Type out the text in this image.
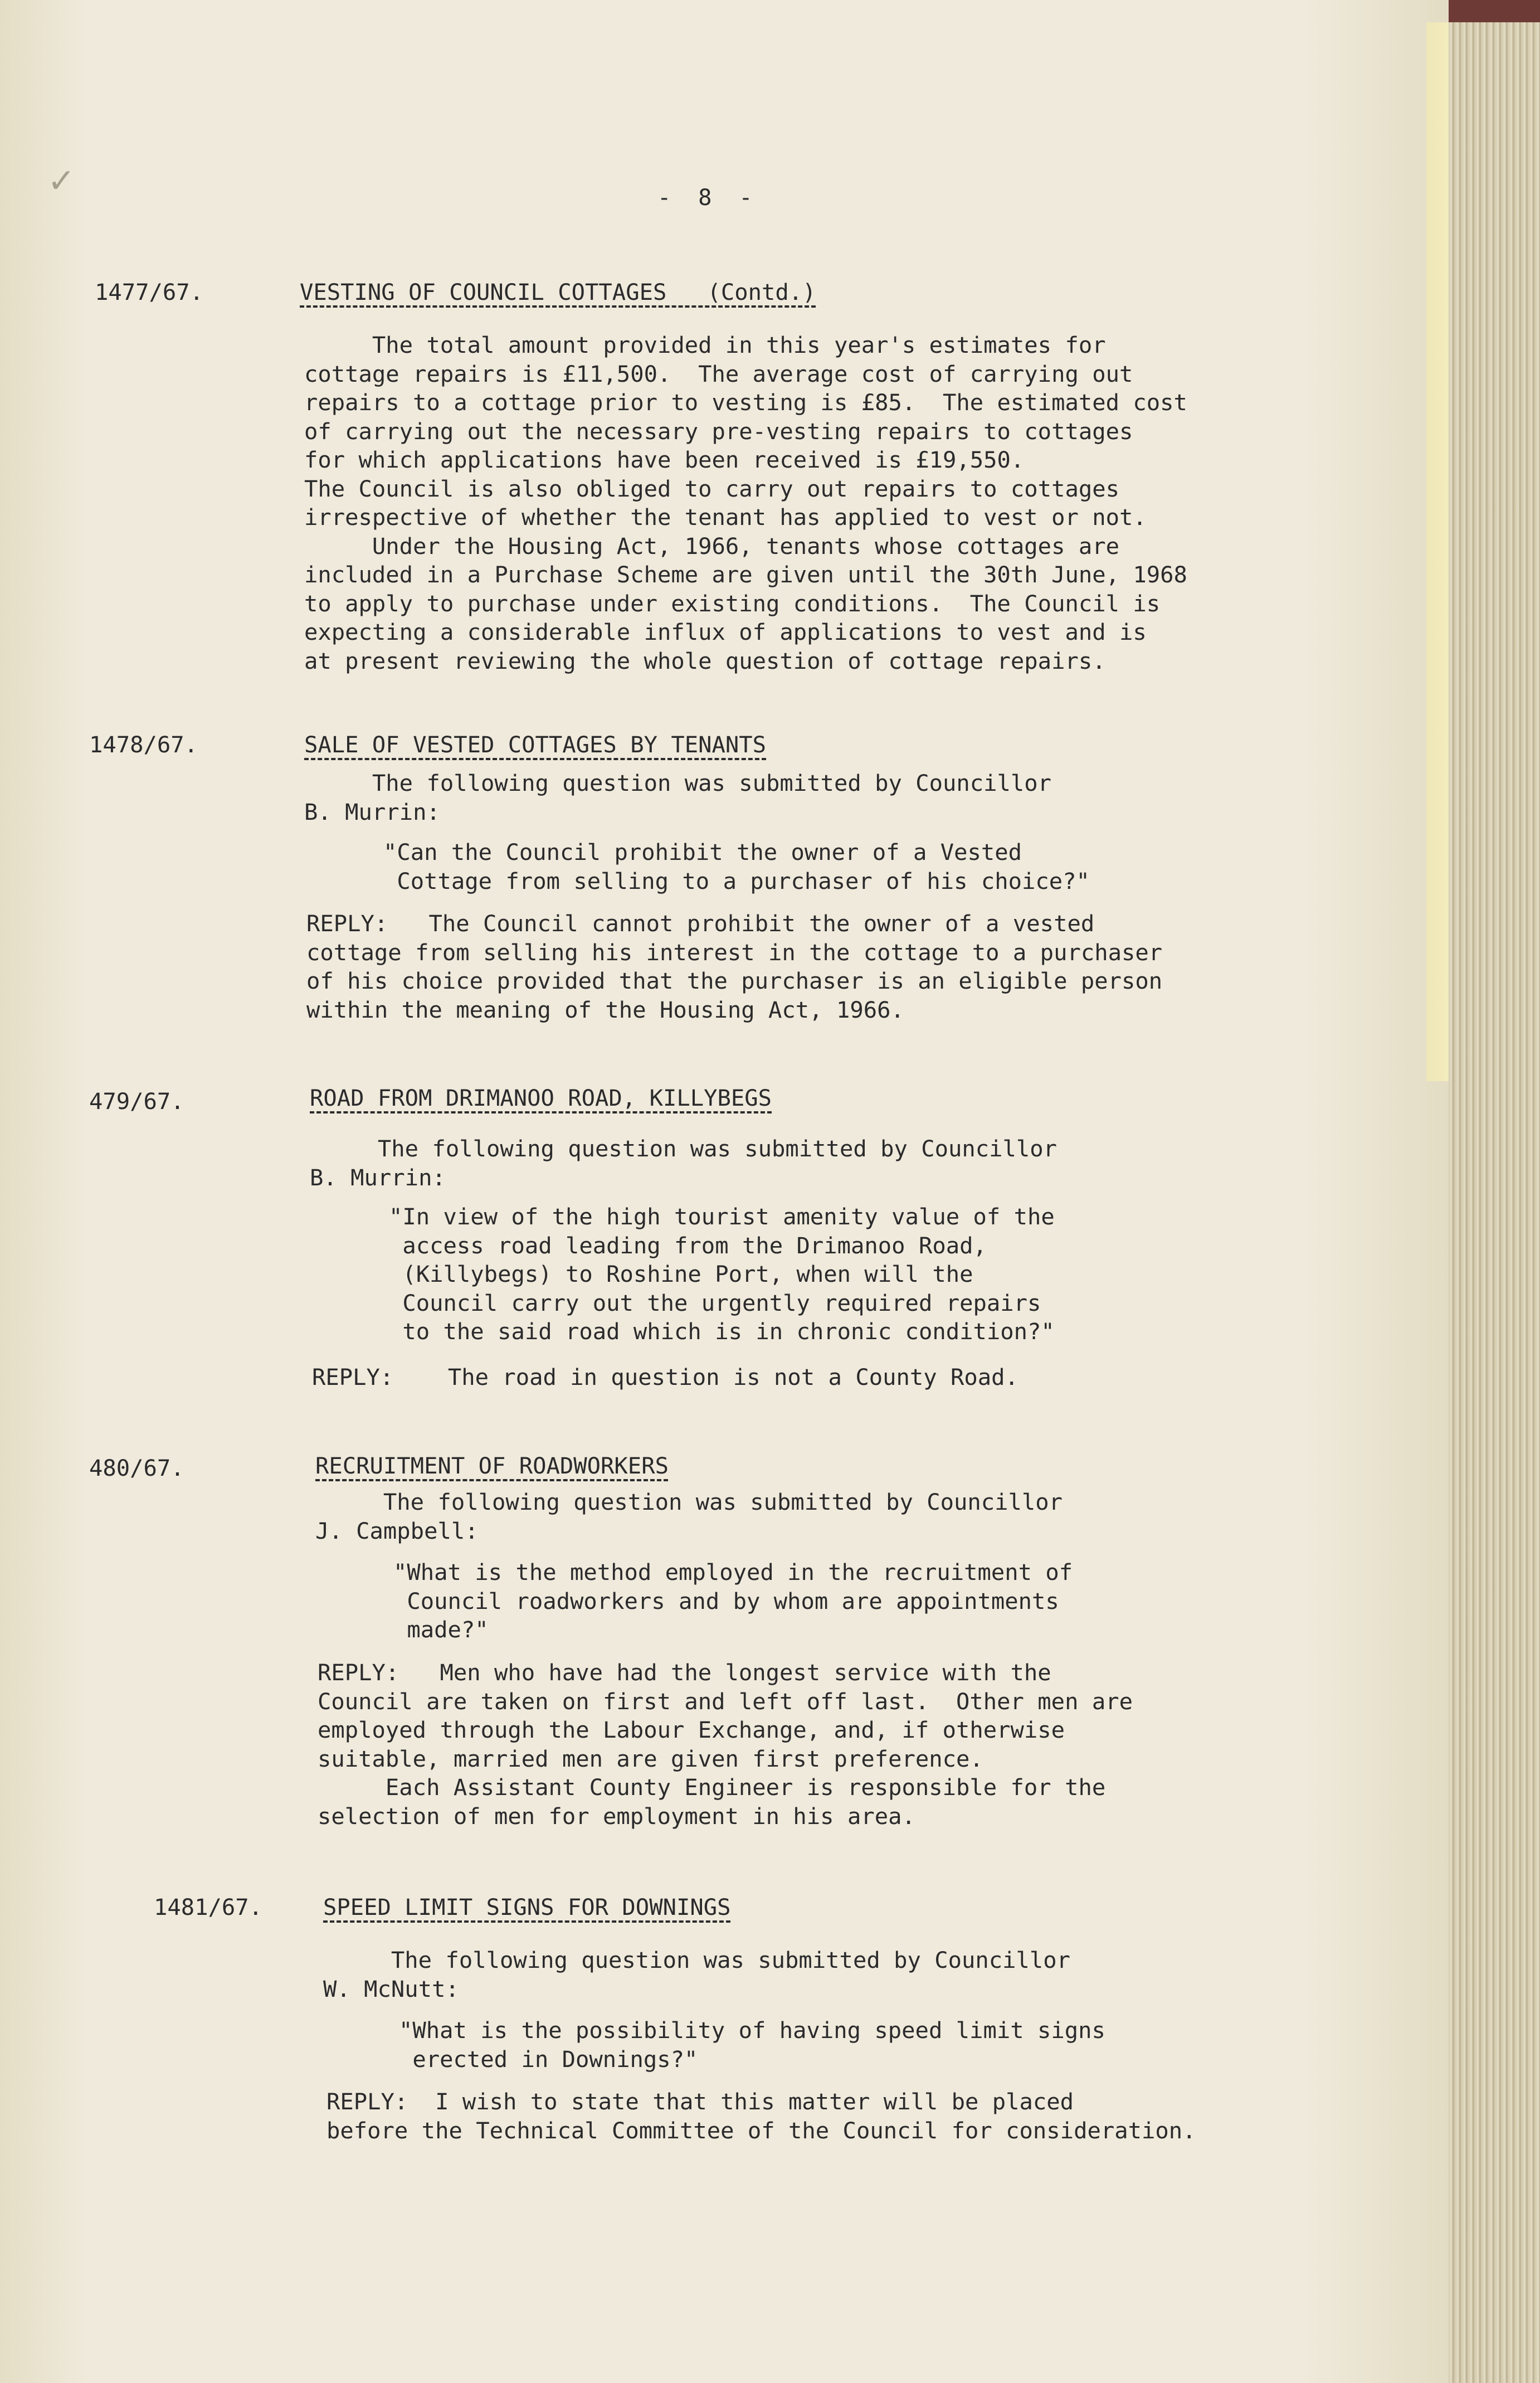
✓	-  8  -

1477/67.	VESTING OF COUNCIL COTTAGES   (Contd.)

The total amount provided in this year's estimates for
cottage repairs is £11,500.  The average cost of carrying out
repairs to a cottage prior to vesting is £85.  The estimated cost
of carrying out the necessary pre-vesting repairs to cottages
for which applications have been received is £19,550.
The Council is also obliged to carry out repairs to cottages
irrespective of whether the tenant has applied to vest or not.
Under the Housing Act, 1966, tenants whose cottages are
included in a Purchase Scheme are given until the 30th June, 1968
to apply to purchase under existing conditions.  The Council is
expecting a considerable influx of applications to vest and is
at present reviewing the whole question of cottage repairs.

1478/67.	SALE OF VESTED COTTAGES BY TENANTS

The following question was submitted by Councillor
B. Murrin:

"Can the Council prohibit the owner of a Vested
Cottage from selling to a purchaser of his choice?"

REPLY:   The Council cannot prohibit the owner of a vested
cottage from selling his interest in the cottage to a purchaser
of his choice provided that the purchaser is an eligible person
within the meaning of the Housing Act, 1966.

479/67.	ROAD FROM DRIMANOO ROAD, KILLYBEGS

The following question was submitted by Councillor
B. Murrin:

"In view of the high tourist amenity value of the
access road leading from the Drimanoo Road,
(Killybegs) to Roshine Port, when will the
Council carry out the urgently required repairs
to the said road which is in chronic condition?"

REPLY:    The road in question is not a County Road.

480/67.	RECRUITMENT OF ROADWORKERS

The following question was submitted by Councillor
J. Campbell:

"What is the method employed in the recruitment of
Council roadworkers and by whom are appointments
made?"

REPLY:   Men who have had the longest service with the
Council are taken on first and left off last.  Other men are
employed through the Labour Exchange, and, if otherwise
suitable, married men are given first preference.
Each Assistant County Engineer is responsible for the
selection of men for employment in his area.

1481/67.	SPEED LIMIT SIGNS FOR DOWNINGS

The following question was submitted by Councillor
W. McNutt:

"What is the possibility of having speed limit signs
erected in Downings?"

REPLY:  I wish to state that this matter will be placed
before the Technical Committee of the Council for consideration.
